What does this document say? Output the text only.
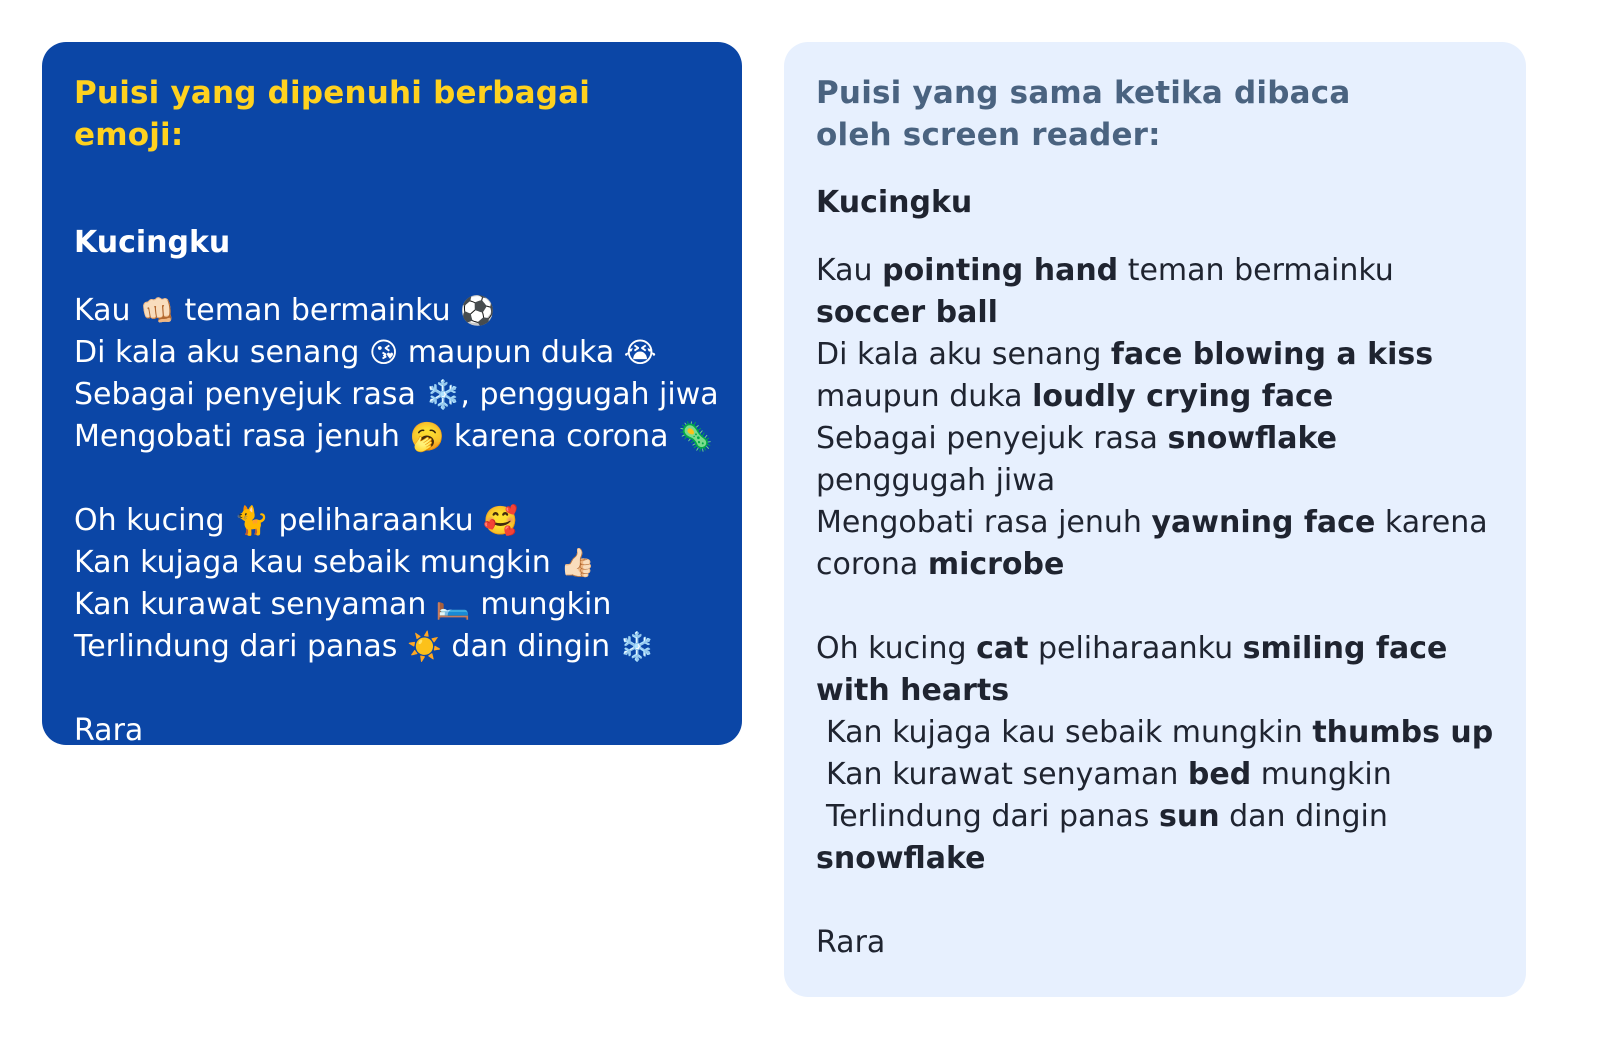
Puisi yang dipenuhi berbagai emoji:

Kucingku

Kau 👊🏻 teman bermainku ⚽

Di kala aku senang 😘 maupun duka 😭

Sebagai penyejuk rasa ❄️, penggugah jiwa

Mengobati rasa jenuh 🥱 karena corona 🦠

Oh kucing 🐈 peliharaanku 🥰

Kan kujaga kau sebaik mungkin 👍🏻

Kan kurawat senyaman 🛏️ mungkin

Terlindung dari panas ☀️ dan dingin ❄️

Rara

Puisi yang sama ketika dibaca oleh screen reader:

Kucingku

Kau pointing hand teman bermainku

soccer ball

Di kala aku senang face blowing a kiss

maupun duka loudly crying face

Sebagai penyejuk rasa snowflake

penggugah jiwa

Mengobati rasa jenuh yawning face karena

corona microbe

Oh kucing cat peliharaanku smiling face

with hearts

Kan kujaga kau sebaik mungkin thumbs up

Kan kurawat senyaman bed mungkin

Terlindung dari panas sun dan dingin

snowflake

Rara
